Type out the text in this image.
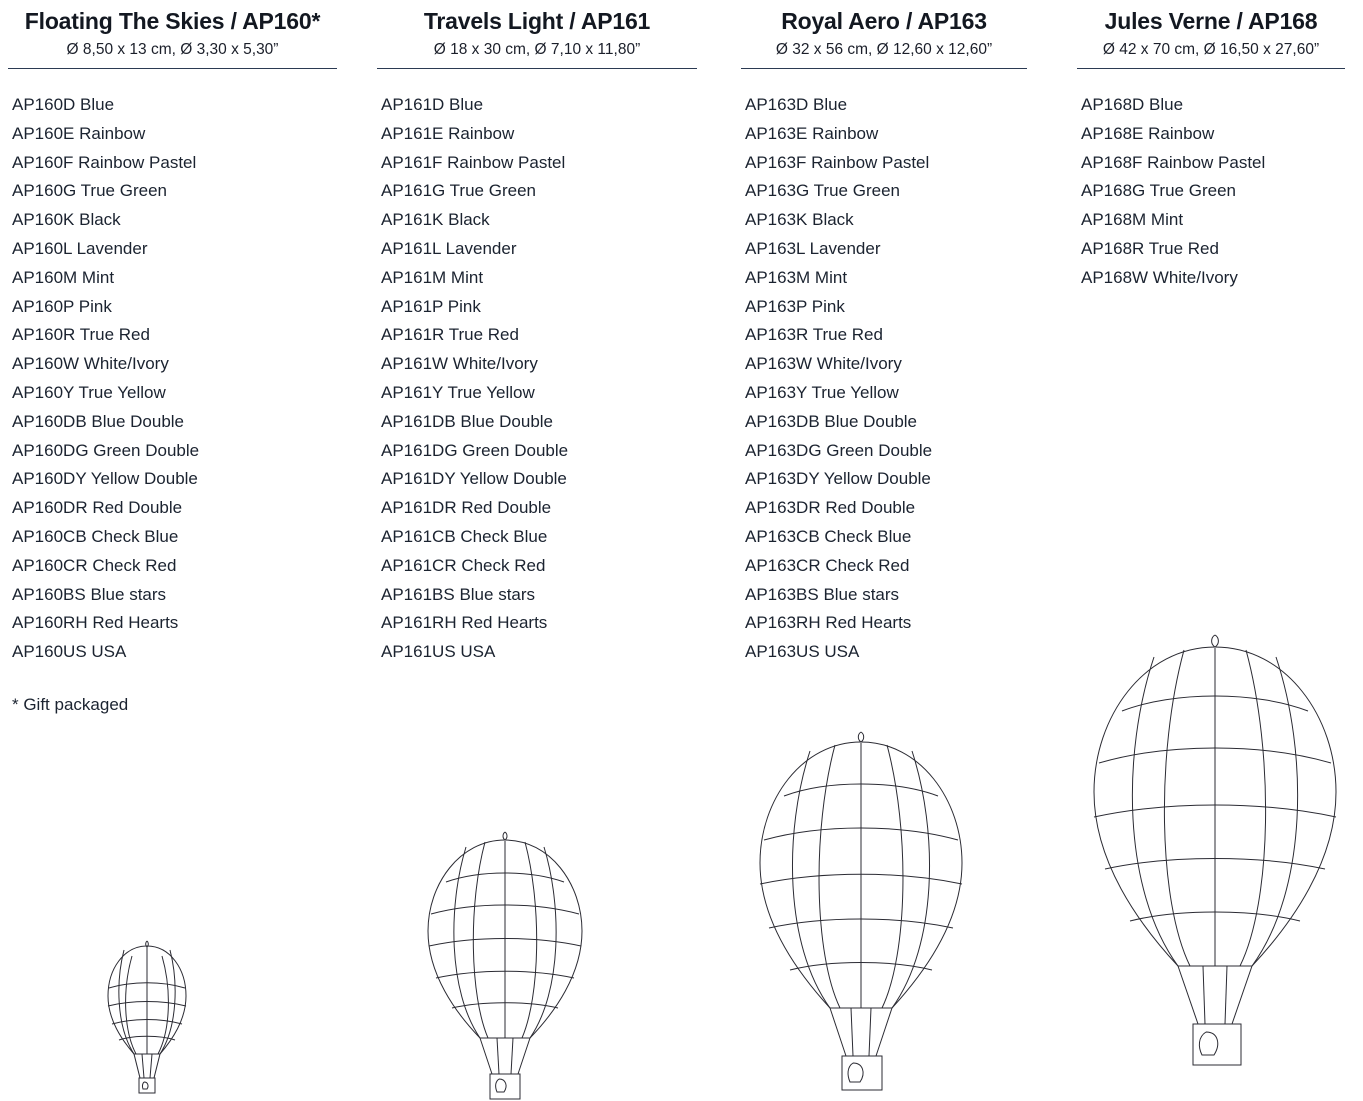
Floating The Skies / AP160*
Ø 8,50 x 13 cm, Ø 3,30 x 5,30”
AP160D Blue
AP160E Rainbow
AP160F Rainbow Pastel
AP160G True Green
AP160K Black
AP160L Lavender
AP160M Mint
AP160P Pink
AP160R True Red
AP160W White/Ivory
AP160Y True Yellow
AP160DB Blue Double
AP160DG Green Double
AP160DY Yellow Double
AP160DR Red Double
AP160CB Check Blue
AP160CR Check Red
AP160BS Blue stars
AP160RH Red Hearts
AP160US USA
* Gift packaged
Travels Light / AP161
Ø 18 x 30 cm, Ø 7,10 x 11,80”
AP161D Blue
AP161E Rainbow
AP161F Rainbow Pastel
AP161G True Green
AP161K Black
AP161L Lavender
AP161M Mint
AP161P Pink
AP161R True Red
AP161W White/Ivory
AP161Y True Yellow
AP161DB Blue Double
AP161DG Green Double
AP161DY Yellow Double
AP161DR Red Double
AP161CB Check Blue
AP161CR Check Red
AP161BS Blue stars
AP161RH Red Hearts
AP161US USA
Royal Aero / AP163
Ø 32 x 56 cm, Ø 12,60 x 12,60”
AP163D Blue
AP163E Rainbow
AP163F Rainbow Pastel
AP163G True Green
AP163K Black
AP163L Lavender
AP163M Mint
AP163P Pink
AP163R True Red
AP163W White/Ivory
AP163Y True Yellow
AP163DB Blue Double
AP163DG Green Double
AP163DY Yellow Double
AP163DR Red Double
AP163CB Check Blue
AP163CR Check Red
AP163BS Blue stars
AP163RH Red Hearts
AP163US USA
Jules Verne / AP168
Ø 42 x 70 cm, Ø 16,50 x 27,60”
AP168D Blue
AP168E Rainbow
AP168F Rainbow Pastel
AP168G True Green
AP168M Mint
AP168R True Red
AP168W White/Ivory
